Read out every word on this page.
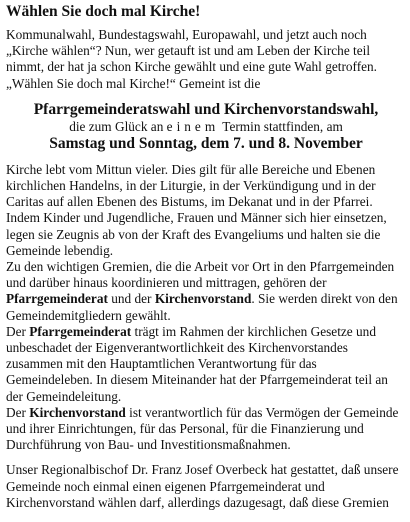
Wählen Sie doch mal Kirche!
Kommunalwahl, Bundestagswahl, Europawahl, und jetzt auch noch „Kirche wählen“? Nun, wer getauft ist und am Leben der Kirche teil nimmt, der hat ja schon Kirche gewählt und eine gute Wahl getroffen. „Wählen Sie doch mal Kirche!“ Gemeint ist die
Pfarrgemeinderatswahl und Kirchenvorstandswahl,
die zum Glück an einem Termin stattfinden, am
Samstag und Sonntag, dem 7. und 8. November
Kirche lebt vom Mittun vieler. Dies gilt für alle Bereiche und Ebenen kirchlichen Handelns, in der Liturgie, in der Verkündigung und in der Caritas auf allen Ebenen des Bistums, im Dekanat und in der Pfarrei. Indem Kinder und Jugendliche, Frauen und Männer sich hier einsetzen, legen sie Zeugnis ab von der Kraft des Evangeliums und halten sie die Gemeinde lebendig.
Zu den wichtigen Gremien, die die Arbeit vor Ort in den Pfarrgemeinden und darüber hinaus koordinieren und mittragen, gehören der Pfarrgemeinderat und der Kirchenvorstand. Sie werden direkt von den Gemeindemitgliedern gewählt.
Der Pfarrgemeinderat trägt im Rahmen der kirchlichen Gesetze und unbeschadet der Eigenverantwortlichkeit des Kirchenvorstandes zusammen mit den Hauptamtlichen Verantwortung für das Gemeindeleben. In diesem Miteinander hat der Pfarrgemeinderat teil an der Gemeindeleitung.
Der Kirchenvorstand ist verantwortlich für das Vermögen der Gemeinde und ihrer Einrichtungen, für das Personal, für die Finanzierung und Durchführung von Bau- und Investitionsmaßnahmen.
Unser Regionalbischof Dr. Franz Josef Overbeck hat gestattet, daß unsere Gemeinde noch einmal einen eigenen Pfarrgemeinderat und Kirchenvorstand wählen darf, allerdings dazugesagt, daß diese Gremien
